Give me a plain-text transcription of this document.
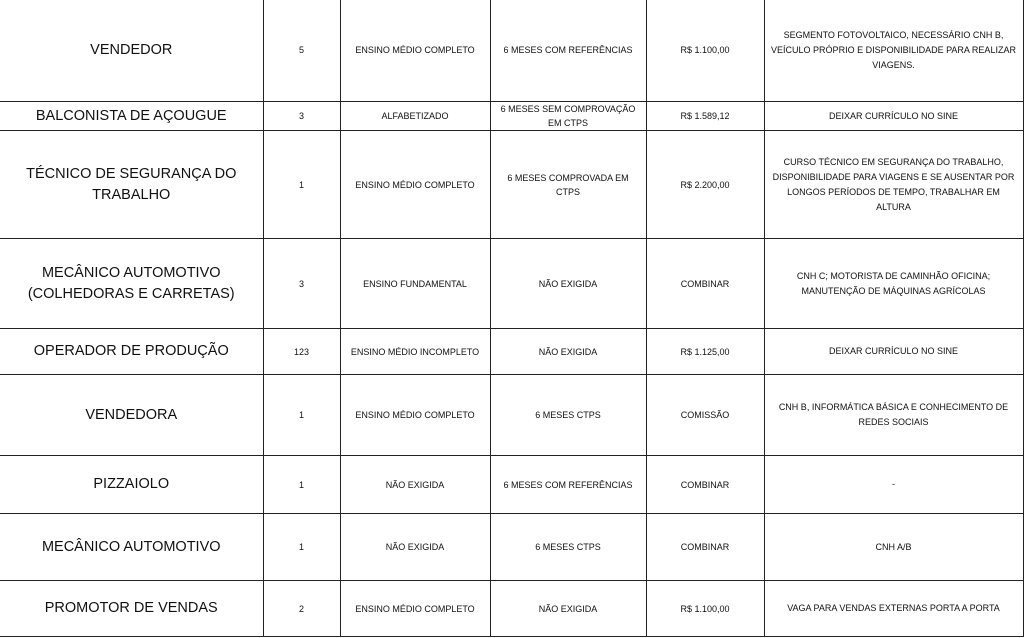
VENDEDOR	5	ENSINO MÉDIO COMPLETO	6 MESES COM REFERÊNCIAS	R$ 1.100,00	SEGMENTO FOTOVOLTAICO, NECESSÁRIO CNH B, VEÍCULO PRÓPRIO E DISPONIBILIDADE PARA REALIZAR VIAGENS.
BALCONISTA DE AÇOUGUE	3	ALFABETIZADO	6 MESES SEM COMPROVAÇÃO EM CTPS	R$ 1.589,12	DEIXAR CURRÍCULO NO SINE
TÉCNICO DE SEGURANÇA DO TRABALHO	1	ENSINO MÉDIO COMPLETO	6 MESES COMPROVADA EM CTPS	R$ 2.200,00	CURSO TÉCNICO EM SEGURANÇA DO TRABALHO, DISPONIBILIDADE PARA VIAGENS E SE AUSENTAR POR LONGOS PERÍODOS DE TEMPO, TRABALHAR EM ALTURA
MECÂNICO AUTOMOTIVO (COLHEDORAS E CARRETAS)	3	ENSINO FUNDAMENTAL	NÃO EXIGIDA	COMBINAR	CNH C; MOTORISTA DE CAMINHÃO OFICINA; MANUTENÇÃO DE MÁQUINAS AGRÍCOLAS
OPERADOR DE PRODUÇÃO	123	ENSINO MÉDIO INCOMPLETO	NÃO EXIGIDA	R$ 1.125,00	DEIXAR CURRÍCULO NO SINE
VENDEDORA	1	ENSINO MÉDIO COMPLETO	6 MESES CTPS	COMISSÃO	CNH B, INFORMÁTICA BÁSICA E CONHECIMENTO DE REDES SOCIAIS
PIZZAIOLO	1	NÃO EXIGIDA	6 MESES COM REFERÊNCIAS	COMBINAR	-
MECÂNICO AUTOMOTIVO	1	NÃO EXIGIDA	6 MESES CTPS	COMBINAR	CNH A/B
PROMOTOR DE VENDAS	2	ENSINO MÉDIO COMPLETO	NÃO EXIGIDA	R$ 1.100,00	VAGA PARA VENDAS EXTERNAS PORTA A PORTA
